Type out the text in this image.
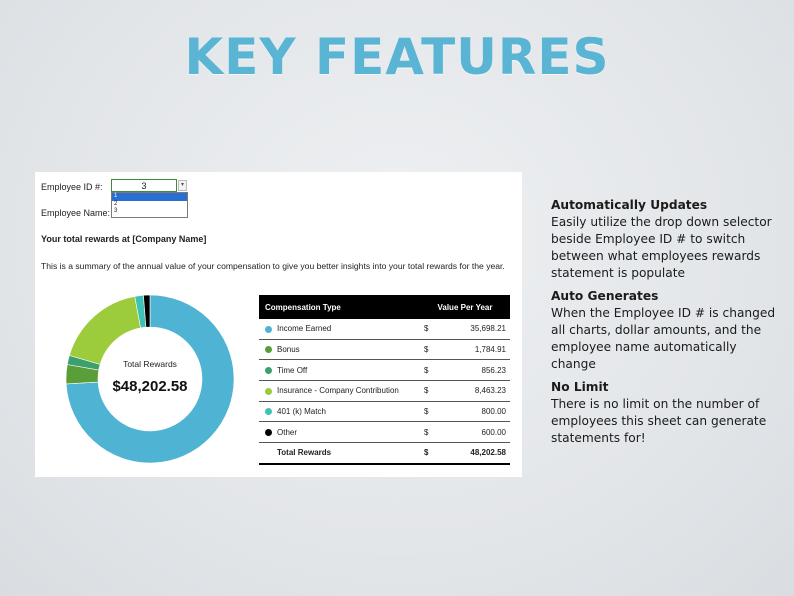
KEY FEATURES
Employee ID #:	3	▾
1
2
3
Employee Name:
Your total rewards at [Company Name]
This is a summary of the annual value of your compensation to give you better insights into your total rewards for the year.
Total Rewards
$48,202.58
Compensation Type	Value Per Year	
Income Earned	$	35,698.21
Bonus	$	1,784.91
Time Off	$	856.23
Insurance - Company Contribution	$	8,463.23
401 (k) Match	$	800.00
Other	$	600.00
Total Rewards	$	48,202.58
Automatically Updates
Easily utilize the drop down selector beside Employee ID # to switch between what employees rewards statement is populate
Auto Generates
When the Employee ID # is changed all charts, dollar amounts, and the employee name automatically change
No Limit
There is no limit on the number of employees this sheet can generate statements for!
